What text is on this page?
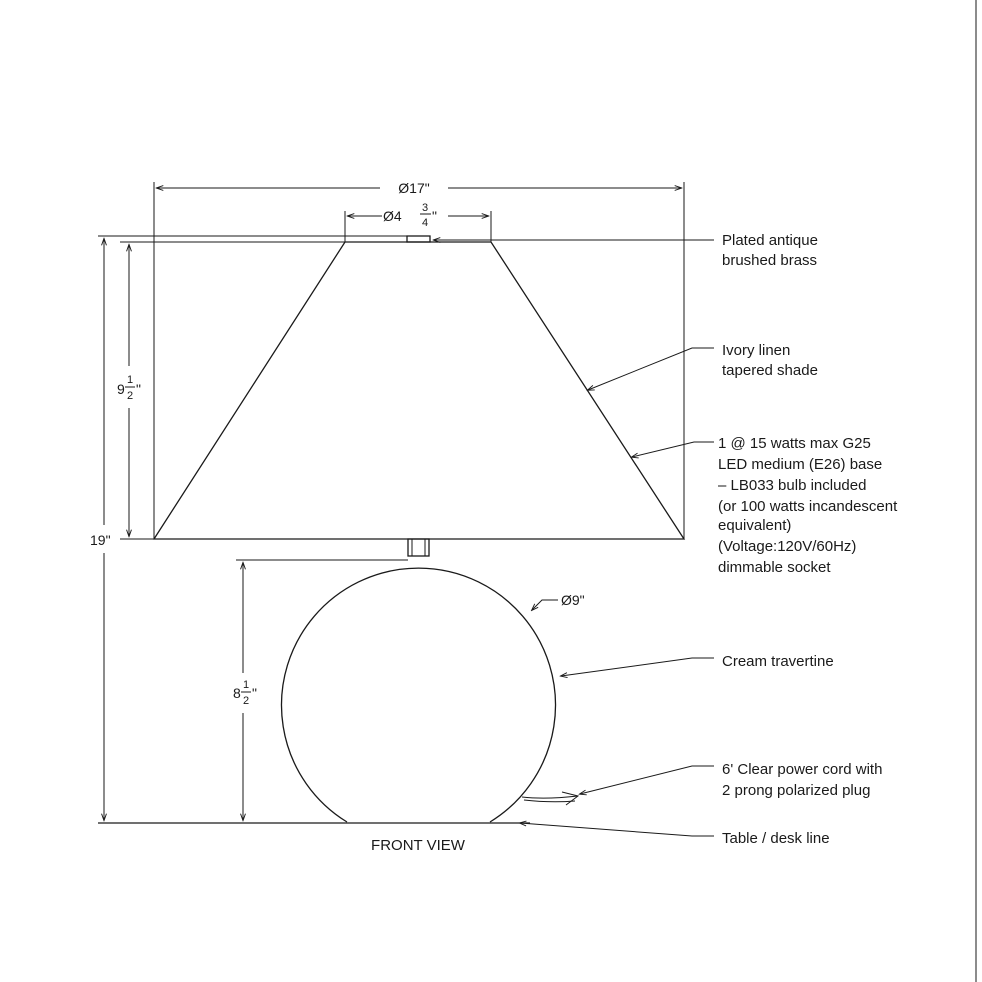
Ø17"
Ø4 3
4 "
9
1
2 "
19"
8 1
2 "
Ø9"
FRONT VIEW
Plated antique
brushed brass
Ivory linen
tapered shade
1 @ 15 watts max G25
LED medium (E26) base
– LB033 bulb included
(or 100 watts incandescent
equivalent)
(Voltage:120V/60Hz)
dimmable socket
Cream travertine
6' Clear power cord with
2 prong polarized plug
Table / desk line
